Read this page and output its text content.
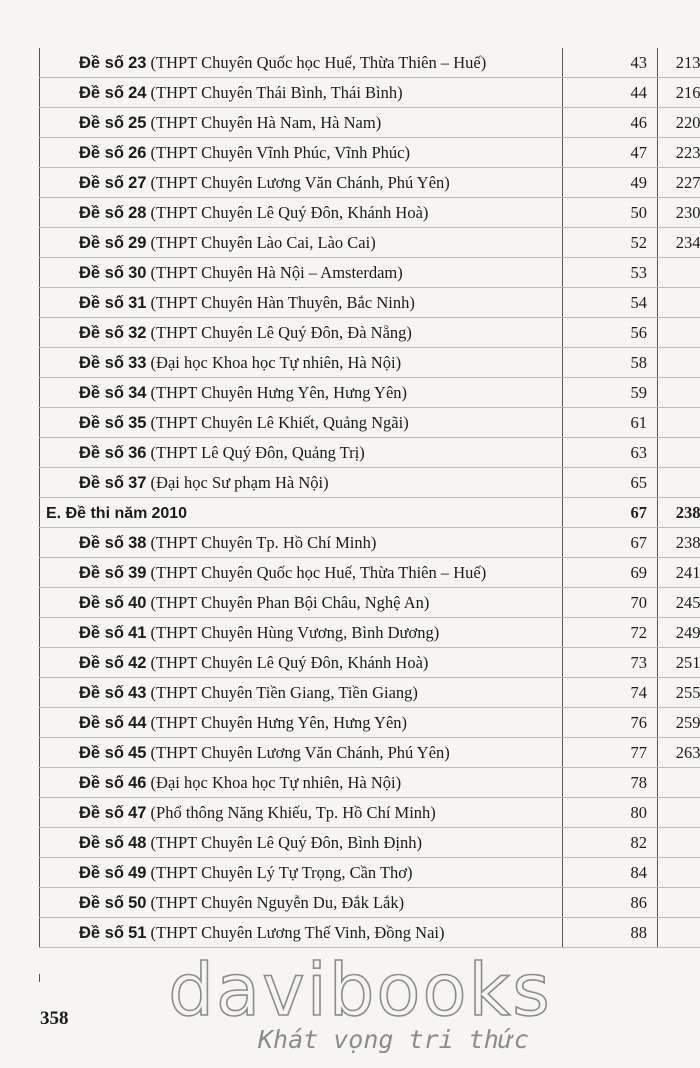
Đề số 23 (THPT Chuyên Quốc học Huế, Thừa Thiên – Huế)	43	213
Đề số 24 (THPT Chuyên Thái Bình, Thái Bình)	44	216
Đề số 25 (THPT Chuyên Hà Nam, Hà Nam)	46	220
Đề số 26 (THPT Chuyên Vĩnh Phúc, Vĩnh Phúc)	47	223
Đề số 27 (THPT Chuyên Lương Văn Chánh, Phú Yên)	49	227
Đề số 28 (THPT Chuyên Lê Quý Đôn, Khánh Hoà)	50	230
Đề số 29 (THPT Chuyên Lào Cai, Lào Cai)	52	234
Đề số 30 (THPT Chuyên Hà Nội – Amsterdam)	53	
Đề số 31 (THPT Chuyên Hàn Thuyên, Bắc Ninh)	54	
Đề số 32 (THPT Chuyên Lê Quý Đôn, Đà Nẵng)	56	
Đề số 33 (Đại học Khoa học Tự nhiên, Hà Nội)	58	
Đề số 34 (THPT Chuyên Hưng Yên, Hưng Yên)	59	
Đề số 35 (THPT Chuyên Lê Khiết, Quảng Ngãi)	61	
Đề số 36 (THPT Lê Quý Đôn, Quảng Trị)	63	
Đề số 37 (Đại học Sư phạm Hà Nội)	65	
E. Đề thi năm 2010	67	238
Đề số 38 (THPT Chuyên Tp. Hồ Chí Minh)	67	238
Đề số 39 (THPT Chuyên Quốc học Huế, Thừa Thiên – Huế)	69	241
Đề số 40 (THPT Chuyên Phan Bội Châu, Nghệ An)	70	245
Đề số 41 (THPT Chuyên Hùng Vương, Bình Dương)	72	249
Đề số 42 (THPT Chuyên Lê Quý Đôn, Khánh Hoà)	73	251
Đề số 43 (THPT Chuyên Tiền Giang, Tiền Giang)	74	255
Đề số 44 (THPT Chuyên Hưng Yên, Hưng Yên)	76	259
Đề số 45 (THPT Chuyên Lương Văn Chánh, Phú Yên)	77	263
Đề số 46 (Đại học Khoa học Tự nhiên, Hà Nội)	78	
Đề số 47 (Phổ thông Năng Khiếu, Tp. Hồ Chí Minh)	80	
Đề số 48 (THPT Chuyên Lê Quý Đôn, Bình Định)	82	
Đề số 49 (THPT Chuyên Lý Tự Trọng, Cần Thơ)	84	
Đề số 50 (THPT Chuyên Nguyễn Du, Đắk Lắk)	86	
Đề số 51 (THPT Chuyên Lương Thế Vinh, Đồng Nai)	88	
358 davibooks
Khát vọng tri thức
